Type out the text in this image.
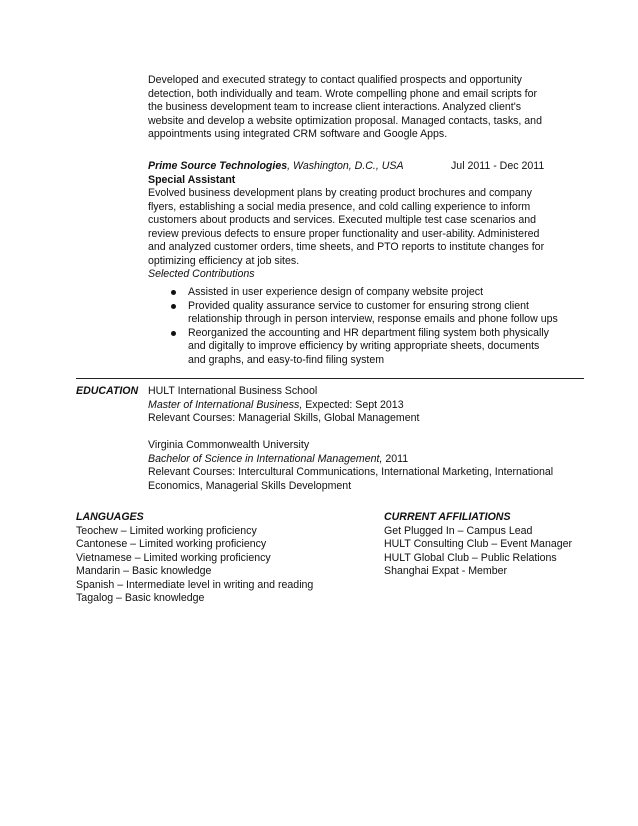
Developed and executed strategy to contact qualified prospects and opportunity
detection, both individually and team. Wrote compelling phone and email scripts for
the business development team to increase client interactions. Analyzed client's
website and develop a website optimization proposal. Managed contacts, tasks, and
appointments using integrated CRM software and Google Apps.
Prime Source Technologies, Washington, D.C., USA	Jul 2011 - Dec 2011
Special Assistant
Evolved business development plans by creating product brochures and company
flyers, establishing a social media presence, and cold calling experience to inform
customers about products and services. Executed multiple test case scenarios and
review previous defects to ensure proper functionality and user-ability. Administered
and analyzed customer orders, time sheets, and PTO reports to institute changes for
optimizing efficiency at job sites.
Selected Contributions
Assisted in user experience design of company website project
Provided quality assurance service to customer for ensuring strong client
relationship through in person interview, response emails and phone follow ups
Reorganized the accounting and HR department filing system both physically
and digitally to improve efficiency by writing appropriate sheets, documents
and graphs, and easy-to-find filing system
EDUCATION HULT International Business School
Master of International Business, Expected: Sept 2013
Relevant Courses: Managerial Skills, Global Management
Virginia Commonwealth University
Bachelor of Science in International Management, 2011
Relevant Courses: Intercultural Communications, International Marketing, International
Economics, Managerial Skills Development
LANGUAGES
Teochew – Limited working proficiency
Cantonese – Limited working proficiency
Vietnamese – Limited working proficiency
Mandarin – Basic knowledge
Spanish – Intermediate level in writing and reading
Tagalog – Basic knowledge
CURRENT AFFILIATIONS
Get Plugged In – Campus Lead
HULT Consulting Club – Event Manager
HULT Global Club – Public Relations
Shanghai Expat - Member
